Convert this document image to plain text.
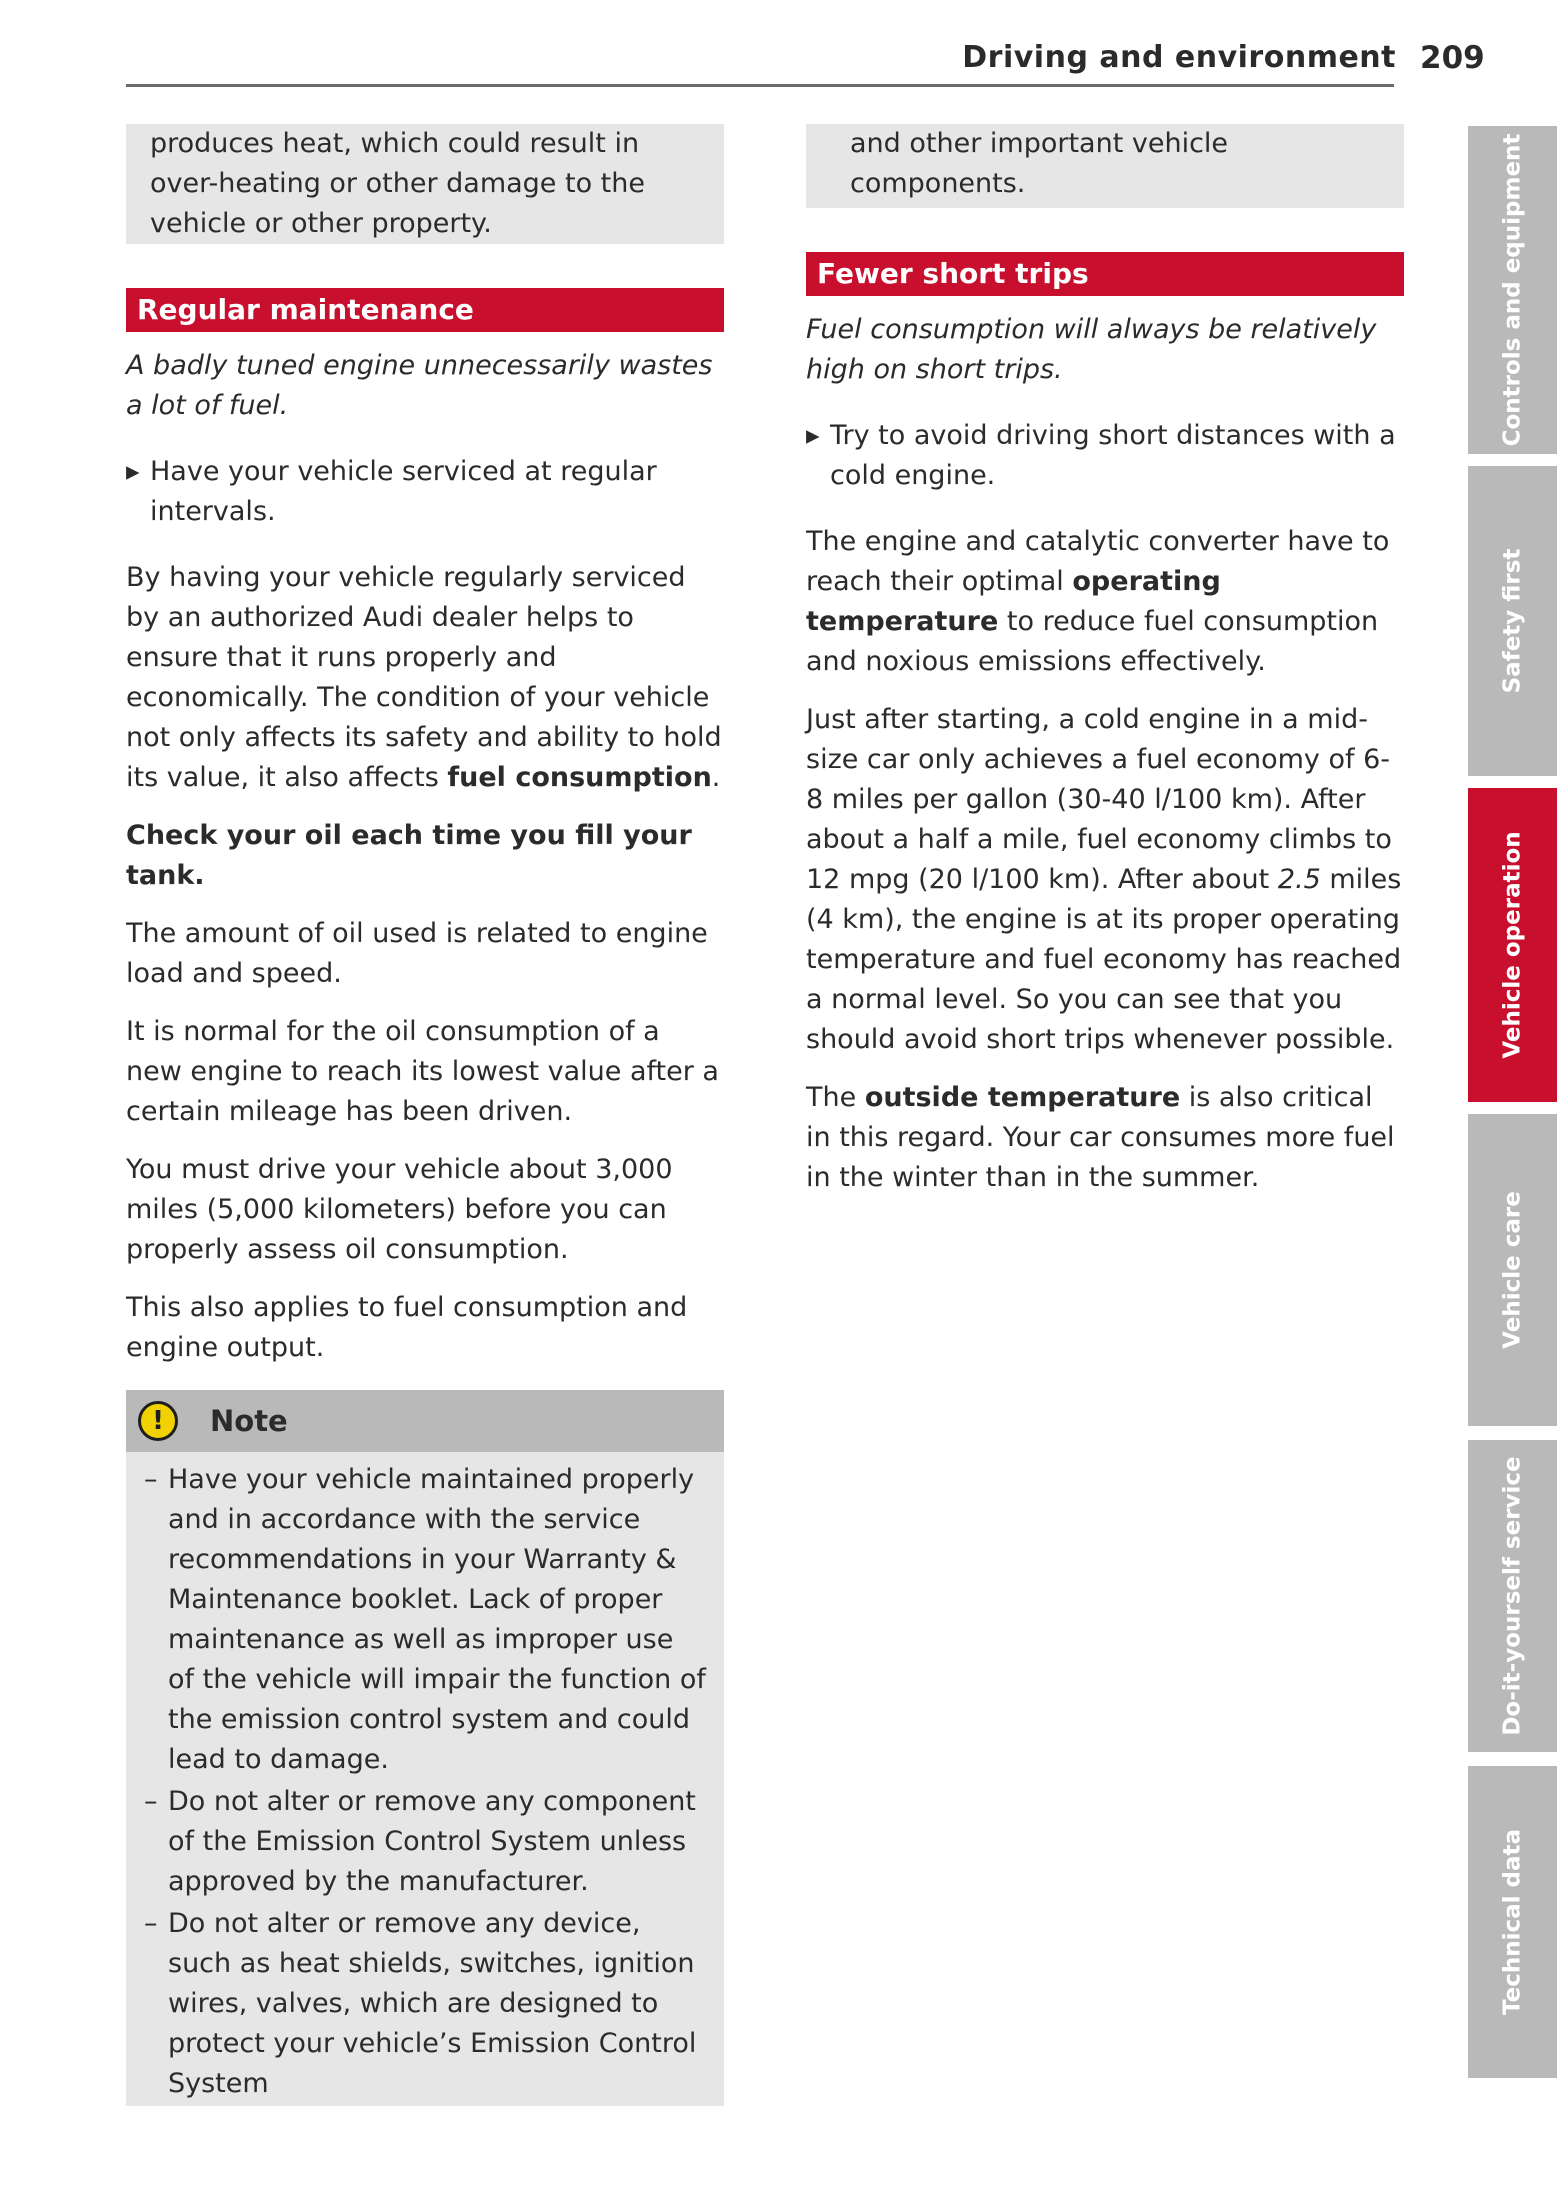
Driving and environment 209

produces heat, which could result in over-heating or other damage to the vehicle or other property.

Regular maintenance

A badly tuned engine unnecessarily wastes a lot of fuel.

▸ Have your vehicle serviced at regular intervals.

By having your vehicle regularly serviced by an authorized Audi dealer helps to ensure that it runs properly and economically. The condition of your vehicle not only affects its safety and ability to hold its value, it also affects fuel consumption.

Check your oil each time you fill your tank.

The amount of oil used is related to engine load and speed.

It is normal for the oil consumption of a new engine to reach its lowest value after a certain mileage has been driven.

You must drive your vehicle about 3,000 miles (5,000 kilometers) before you can properly assess oil consumption.

This also applies to fuel consumption and engine output.

!	Note
– Have your vehicle maintained properly and in accordance with the service recommendations in your Warranty & Maintenance booklet. Lack of proper maintenance as well as improper use of the vehicle will impair the function of the emission control system and could lead to damage.

– Do not alter or remove any component of the Emission Control System unless approved by the manufacturer.

– Do not alter or remove any device, such as heat shields, switches, ignition wires, valves, which are designed to protect your vehicle’s Emission Control System

and other important vehicle components.

Fewer short trips

Fuel consumption will always be relatively high on short trips.

▸ Try to avoid driving short distances with a cold engine.

The engine and catalytic converter have to reach their optimal operating temperature to reduce fuel consumption and noxious emissions effectively.

Just after starting, a cold engine in a mid-size car only achieves a fuel economy of 6-8 miles per gallon (30-40 l/100 km). After about a half a mile, fuel economy climbs to 12 mpg (20 l/100 km). After about 2.5 miles (4 km), the engine is at its proper operating temperature and fuel economy has reached a normal level. So you can see that you should avoid short trips whenever possible.

The outside temperature is also critical in this regard. Your car consumes more fuel in the winter than in the summer.

Controls and equipment
Safety first
Vehicle operation
Vehicle care
Do-it-yourself service
Technical data
